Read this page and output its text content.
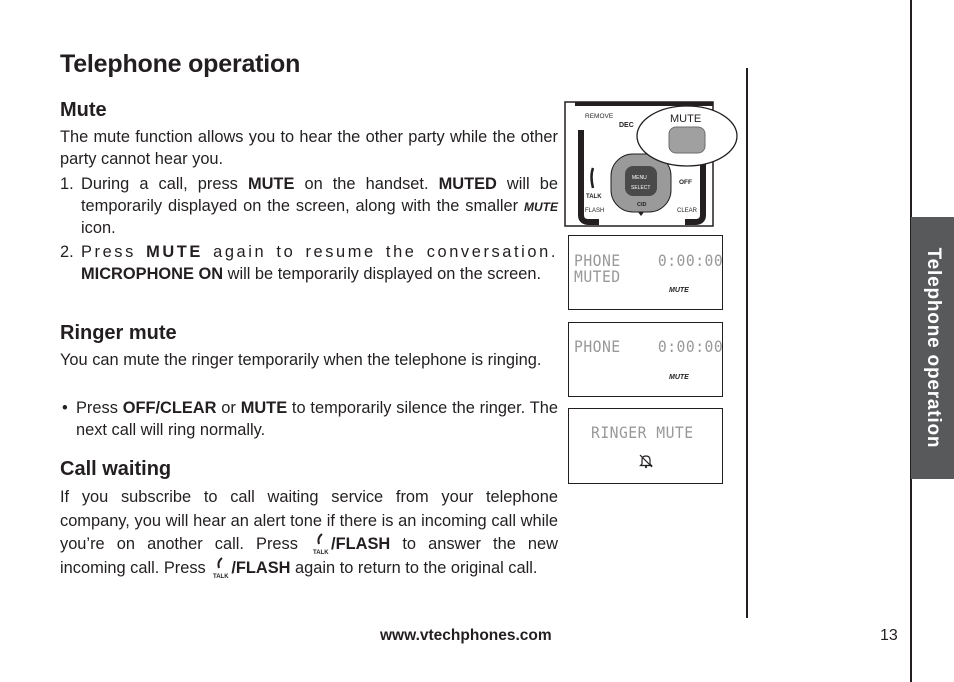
Telephone operation
Mute
The mute function allows you to hear the other party while the other party cannot hear you.
1. During a call, press MUTE on the handset. MUTED will be temporarily displayed on the screen, along with the smaller MUTE icon.
2. Press MUTE again to resume the conversation. MICROPHONE ON will be temporarily displayed on the screen.
Ringer mute
You can mute the ringer temporarily when the telephone is ringing.
• Press OFF/CLEAR or MUTE to temporarily silence the ringer. The next call will ring normally.
Call waiting
If you subscribe to call waiting service from your telephone company, you will hear an alert tone if there is an incoming call while you’re on another call. Press TALK /FLASH to answer the new incoming call. Press TALK /FLASH again to return to the original call.
REMOVE
DEC
TALK
FLASH
MENU
SELECT
CID
OFF
CLEAR
MUTE
PHONE    0:00:00
MUTED
MUTE
PHONE    0:00:00
MUTE
RINGER MUTE	Telephone operation
www.vtechphones.com	13
